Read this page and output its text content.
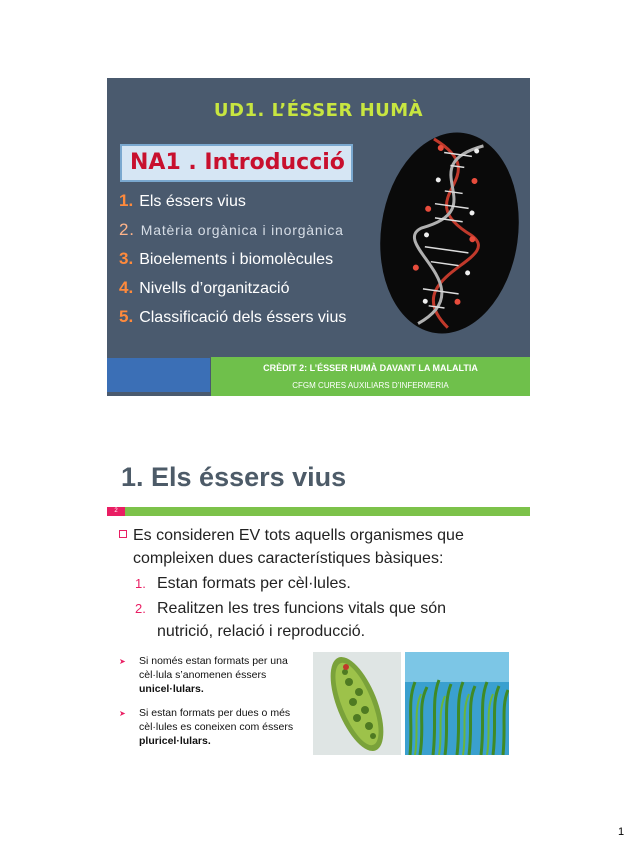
UD1. L’ÉSSER HUMÀ
NA1 . Introducció
1. Els éssers vius
2. Matèria orgànica i inorgànica
3. Bioelements i biomolècules
4. Nivells d’organització
5. Classificació dels éssers vius
CRÈDIT 2: L’ÉSSER HUMÀ DAVANT LA MALALTIA
CFGM CURES AUXILIARS D’INFERMERIA
1. Els éssers vius
2
Es consideren EV tots aquells organismes que compleixen dues característiques bàsiques:
1. Estan formats per cèl·lules.
2. Realitzen les tres funcions vitals que són nutrició, relació i reproducció.
➤ Si només estan formats per una cèl·lula s’anomenen éssers unicel·lulars.
➤ Si estan formats per dues o més cèl·lules es coneixen com éssers pluricel·lulars.
1
